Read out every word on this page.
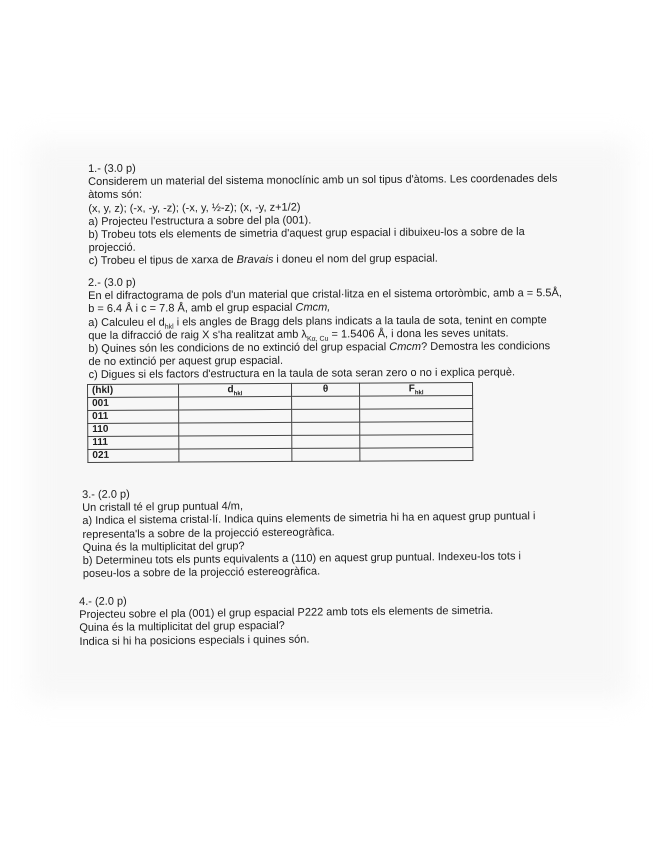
1.- (3.0 p)
Considerem un material del sistema monoclínic amb un sol tipus d'àtoms. Les coordenades dels
àtoms són:
(x, y, z); (-x, -y, -z); (-x, y, ½-z); (x, -y, z+1/2)
a) Projecteu l'estructura a sobre del pla (001).
b) Trobeu tots els elements de simetria d'aquest grup espacial i dibuixeu-los a sobre de la
projecció.
c) Trobeu el tipus de xarxa de Bravais i doneu el nom del grup espacial.
2.- (3.0 p)
En el difractograma de pols d'un material que cristal·litza en el sistema ortoròmbic, amb a = 5.5Å,
b = 6.4 Å i c = 7.8 Å, amb el grup espacial Cmcm,
a) Calculeu el $d_{hkl}$ i els angles de Bragg dels plans indicats a la taula de sota, tenint en compte
que la difracció de raig X s'ha realitzat amb $\lambda_{K\alpha, Cu} = 1.5406$ Å, i dona les seves unitats.
b) Quines són les condicions de no extinció del grup espacial Cmcm? Demostra les condicions
de no extinció per aquest grup espacial.
c) Digues si els factors d'estructura en la taula de sota seran zero o no i explica perquè.
(hkl)	$d_{hkl}$	θ	$F_{hkl}$
001			
011			
110			
111			
021			
3.- (2.0 p)
Un cristall té el grup puntual 4/m,
a) Indica el sistema cristal·lí. Indica quins elements de simetria hi ha en aquest grup puntual i
representa'ls a sobre de la projecció estereogràfica.
Quina és la multiplicitat del grup?
b) Determineu tots els punts equivalents a (110) en aquest grup puntual. Indexeu-los tots i
poseu-los a sobre de la projecció estereogràfica.
4.- (2.0 p)
Projecteu sobre el pla (001) el grup espacial P222 amb tots els elements de simetria.
Quina és la multiplicitat del grup espacial?
Indica si hi ha posicions especials i quines són.
